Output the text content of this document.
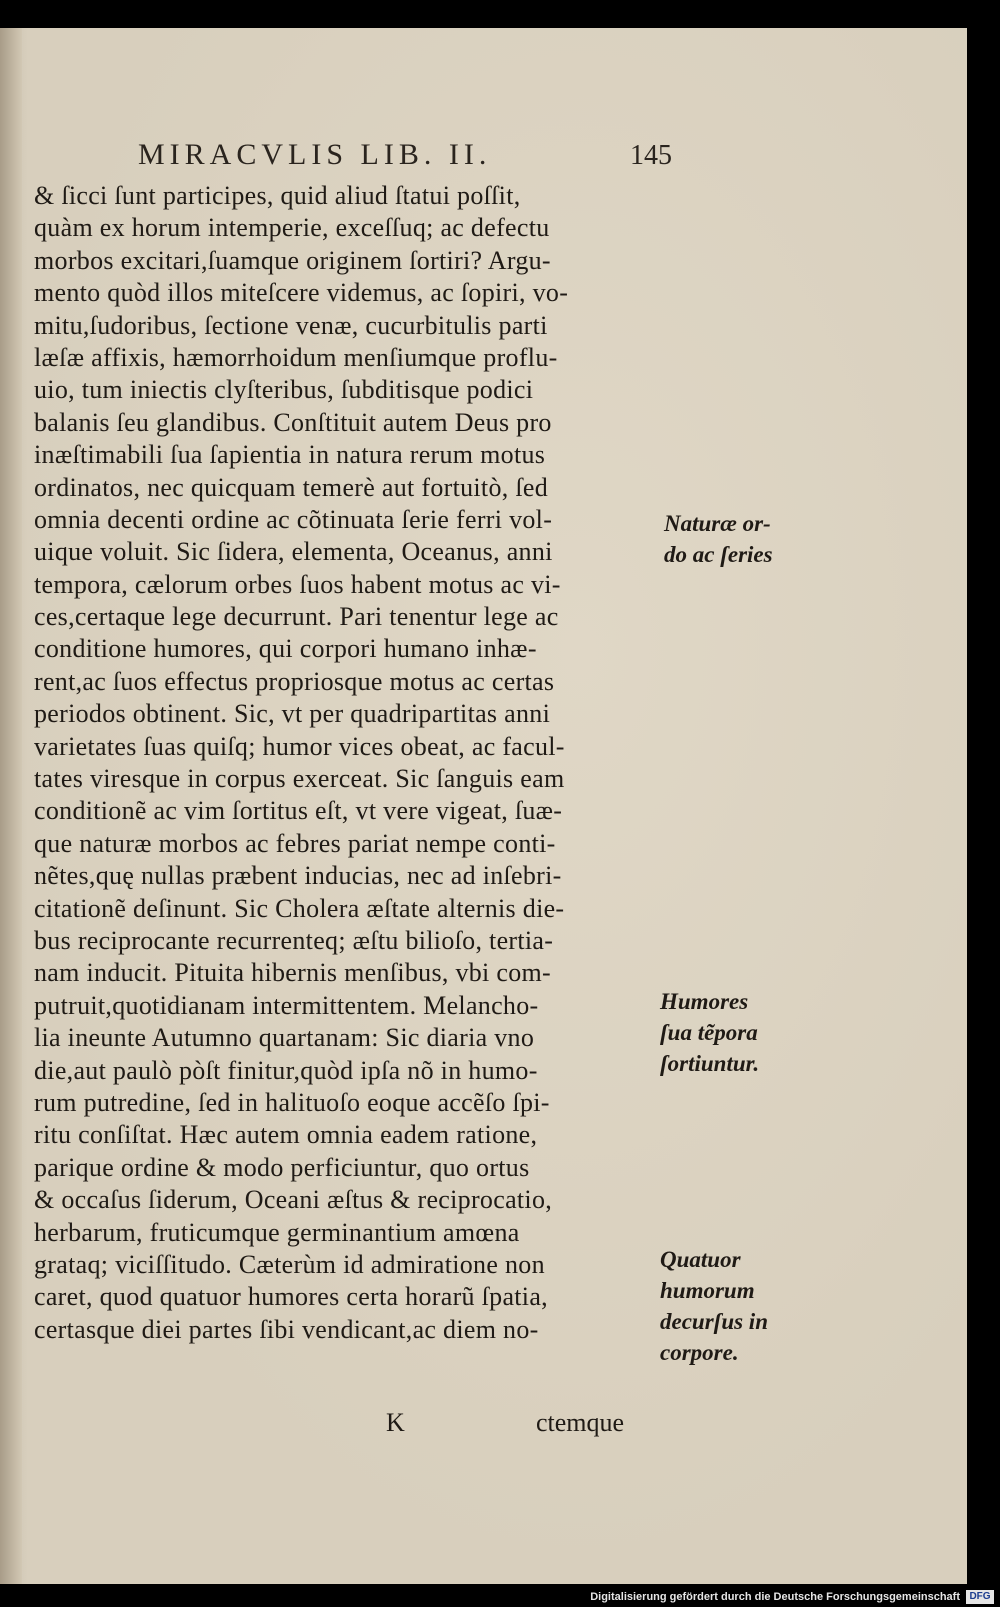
MIRACVLIS LIB. II.	145
& ſicci ſunt participes, quid aliud ſtatui poſſit,
quàm ex horum intemperie, exceſſuq; ac defectu
morbos excitari,ſuamque originem ſortiri? Argu-
mento quòd illos miteſcere videmus, ac ſopiri, vo-
mitu,ſudoribus, ſectione venæ, cucurbitulis parti
læſæ affixis, hæmorrhoidum menſiumque proflu-
uio, tum iniectis clyſteribus, ſubditisque podici
balanis ſeu glandibus. Conſtituit autem Deus pro
inæſtimabili ſua ſapientia in natura rerum motus
ordinatos, nec quicquam temerè aut fortuitò, ſed
omnia decenti ordine ac cõtinuata ſerie ferri vol-
uique voluit. Sic ſidera, elementa, Oceanus, anni
tempora, cælorum orbes ſuos habent motus ac vi-
ces,certaque lege decurrunt. Pari tenentur lege ac
conditione humores, qui corpori humano inhæ-
rent,ac ſuos effectus propriosque motus ac certas
periodos obtinent. Sic, vt per quadripartitas anni
varietates ſuas quiſq; humor vices obeat, ac facul-
tates viresque in corpus exerceat. Sic ſanguis eam
conditionẽ ac vim ſortitus eſt, vt vere vigeat, ſuæ-
que naturæ morbos ac febres pariat nempe conti-
nẽtes,quę nullas præbent inducias, nec ad inſebri-
citationẽ deſinunt. Sic Cholera æſtate alternis die-
bus reciprocante recurrenteq; æſtu bilioſo, tertia-
nam inducit. Pituita hibernis menſibus, vbi com-
putruit,quotidianam intermittentem. Melancho-
lia ineunte Autumno quartanam: Sic diaria vno
die,aut paulò pòſt finitur,quòd ipſa nõ in humo-
rum putredine, ſed in halituoſo eoque accẽſo ſpi-
ritu conſiſtat. Hæc autem omnia eadem ratione,
parique ordine & modo perficiuntur, quo ortus
& occaſus ſiderum, Oceani æſtus & reciprocatio,
herbarum, fruticumque germinantium amœna
grataq; viciſſitudo. Cæterùm id admiratione non
caret, quod quatuor humores certa horarũ ſpatia,
certasque diei partes ſibi vendicant,ac diem no-
Naturæ or-
do ac ſeries
Humores
ſua tẽpora
ſortiuntur.
Quatuor
humorum
decurſus in
corpore.
K	ctemque
Digitalisierung gefördert durch die Deutsche Forschungsgemeinschaft DFG
